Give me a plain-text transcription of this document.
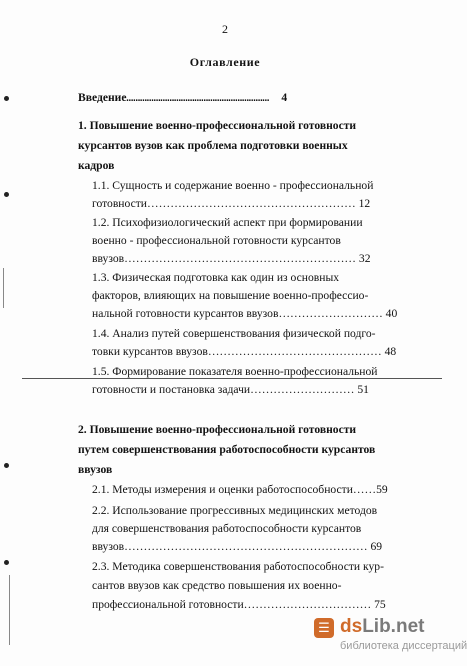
2
Оглавление
Введение……………………………………………………… 4
1. Повышение военно-профессиональной готовности
курсантов вузов как проблема подготовки военных
кадров
1.1. Сущность и содержание военно - профессиональной
готовности……………………………………………… 12
1.2. Психофизиологический аспект при формировании
военно - профессиональной готовности курсантов
ввузов…………………………………………………… 32
1.3. Физическая подготовка как один из основных
факторов, влияющих на повышение военно-профессио-
нальной готовности курсантов ввузов……………………… 40
1.4. Анализ путей совершенствования физической подго-
товки курсантов ввузов……………………………………… 48
1.5. Формирование показателя военно-профессиональной
готовности и постановка задачи……………………… 51
2. Повышение военно-профессиональной готовности
путем совершенствования работоспособности курсантов
ввузов
2.1. Методы измерения и оценки работоспособности……59
2.2. Использование прогрессивных медицинских методов
для совершенствования работоспособности курсантов
ввузов……………………………………………………… 69
2.3. Методика совершенствования работоспособности кур-
сантов ввузов как средство повышения их военно-
профессиональной готовности…………………………… 75
☰ dsLib.net
библиотека диссертаций
